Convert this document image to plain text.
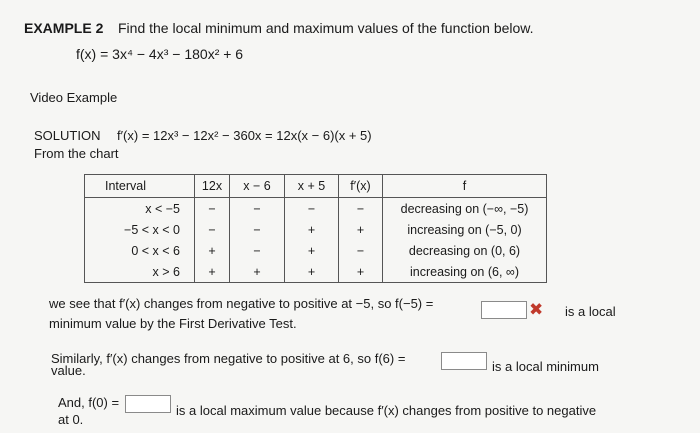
EXAMPLE 2 Find the local minimum and maximum values of the function below.
f(x) = 3x⁴ − 4x³ − 180x² + 6
Video Example
SOLUTION f′(x) = 12x³ − 12x² − 360x = 12x(x − 6)(x + 5)
From the chart
Interval	12x	x − 6	x + 5	f′(x)	f
x < −5	−	−	−	−	decreasing on (−∞, −5)
−5 < x < 0	−	−	+	+	increasing on (−5, 0)
0 < x < 6	+	−	+	−	decreasing on (0, 6)
x > 6	+	+	+	+	increasing on (6, ∞)
we see that f′(x) changes from negative to positive at −5, so f(−5) =	✖ is a local
minimum value by the First Derivative Test.
Similarly, f′(x) changes from negative to positive at 6, so f(6) =
is a local minimum
value.
And, f(0) =
is a local maximum value because f′(x) changes from positive to negative
at 0.
